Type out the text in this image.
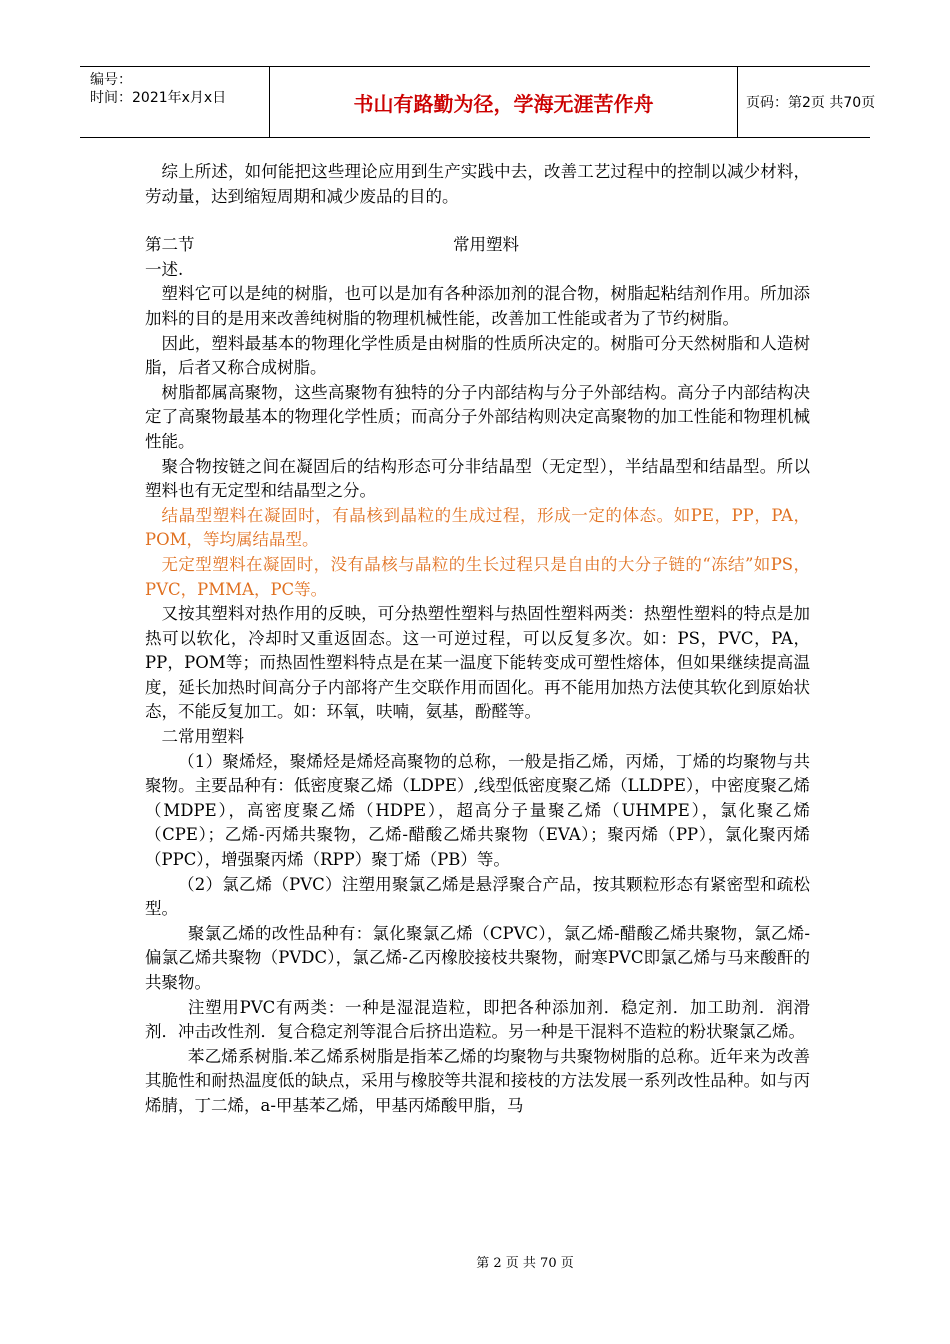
编号：
时间：2021年x月x日	书山有路勤为径，学海无涯苦作舟	页码：第2页 共70页

综上所述，如何能把这些理论应用到生产实践中去，改善工艺过程中的控制以减少材料，劳动量，达到缩短周期和减少废品的目的。

第二节	常用塑料

一述.

塑料它可以是纯的树脂，也可以是加有各种添加剂的混合物，树脂起粘结剂作用。所加添加料的目的是用来改善纯树脂的物理机械性能，改善加工性能或者为了节约树脂。

因此，塑料最基本的物理化学性质是由树脂的性质所决定的。树脂可分天然树脂和人造树脂，后者又称合成树脂。

树脂都属高聚物，这些高聚物有独特的分子内部结构与分子外部结构。高分子内部结构决定了高聚物最基本的物理化学性质；而高分子外部结构则决定高聚物的加工性能和物理机械性能。

聚合物按链之间在凝固后的结构形态可分非结晶型（无定型），半结晶型和结晶型。所以塑料也有无定型和结晶型之分。

结晶型塑料在凝固时，有晶核到晶粒的生成过程，形成一定的体态。如PE，PP，PA，POM，等均属结晶型。

无定型塑料在凝固时，没有晶核与晶粒的生长过程只是自由的大分子链的“冻结”如PS，PVC，PMMA，PC等。

又按其塑料对热作用的反映，可分热塑性塑料与热固性塑料两类：热塑性塑料的特点是加热可以软化，冷却时又重返固态。这一可逆过程，可以反复多次。如：PS，PVC，PA，PP，POM等；而热固性塑料特点是在某一温度下能转变成可塑性熔体，但如果继续提高温度，延长加热时间高分子内部将产生交联作用而固化。再不能用加热方法使其软化到原始状态，不能反复加工。如：环氧，呋喃，氨基，酚醛等。

二常用塑料

（1）聚烯烃，聚烯烃是烯烃高聚物的总称，一般是指乙烯，丙烯，丁烯的均聚物与共聚物。主要品种有：低密度聚乙烯（LDPE）,线型低密度聚乙烯（LLDPE），中密度聚乙烯（MDPE），高密度聚乙烯（HDPE），超高分子量聚乙烯（UHMPE），氯化聚乙烯（CPE）；乙烯-丙烯共聚物，乙烯-醋酸乙烯共聚物（EVA）；聚丙烯（PP），氯化聚丙烯（PPC），增强聚丙烯（RPP）聚丁烯（PB）等。

（2）氯乙烯（PVC）注塑用聚氯乙烯是悬浮聚合产品，按其颗粒形态有紧密型和疏松型。

聚氯乙烯的改性品种有：氯化聚氯乙烯（CPVC），氯乙烯-醋酸乙烯共聚物，氯乙烯-偏氯乙烯共聚物（PVDC），氯乙烯-乙丙橡胶接枝共聚物，耐寒PVC即氯乙烯与马来酸酐的共聚物。

注塑用PVC有两类：一种是湿混造粒，即把各种添加剂．稳定剂．加工助剂．润滑剂．冲击改性剂．复合稳定剂等混合后挤出造粒。另一种是干混料不造粒的粉状聚氯乙烯。

苯乙烯系树脂.苯乙烯系树脂是指苯乙烯的均聚物与共聚物树脂的总称。近年来为改善其脆性和耐热温度低的缺点，采用与橡胶等共混和接枝的方法发展一系列改性品种。如与丙烯腈，丁二烯，a-甲基苯乙烯，甲基丙烯酸甲脂，马

第 2 页 共 70 页
